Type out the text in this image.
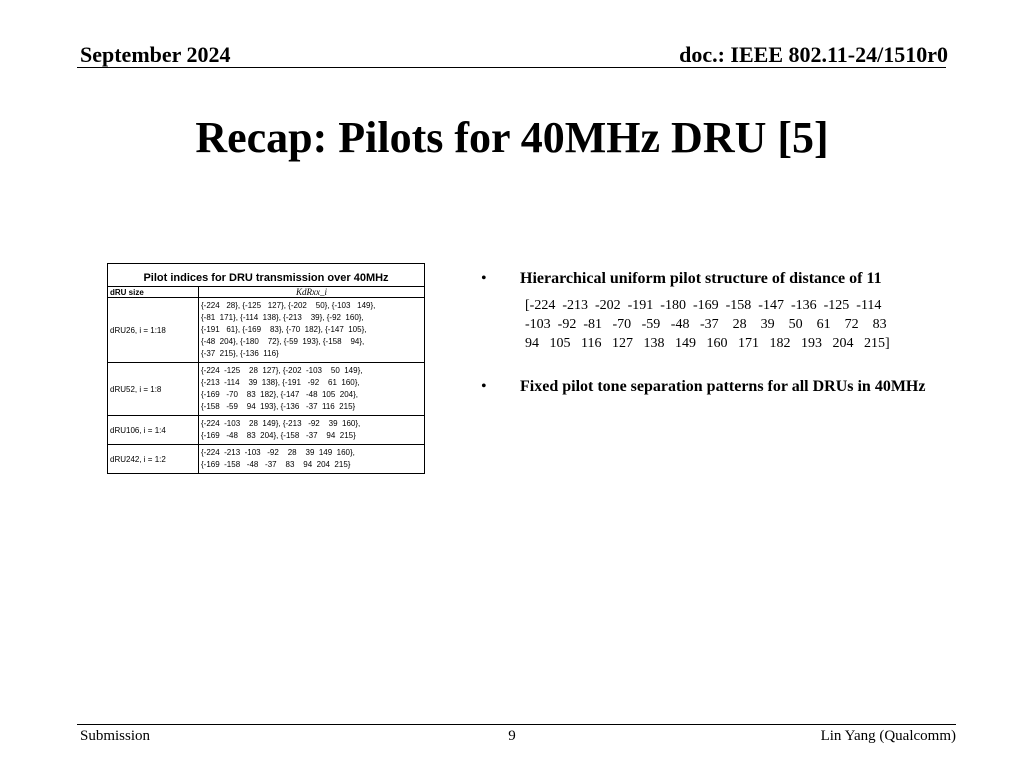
September 2024	doc.: IEEE 802.11-24/1510r0
Recap: Pilots for 40MHz DRU [5]
Pilot indices for DRU transmission over 40MHz	
dRU size	KdRxx_i
dRU26, i = 1:18	{-224   28}, {-125   127}, {-202    50}, {-103   149},
{-81  171}, {-114  138}, {-213    39}, {-92  160},
{-191   61}, {-169    83}, {-70  182}, {-147  105},
{-48  204}, {-180    72}, {-59  193}, {-158    94},
{-37  215}, {-136  116}

dRU52, i = 1:8	{-224  -125    28  127}, {-202  -103    50  149},
{-213  -114    39  138}, {-191   -92    61  160},
{-169   -70    83  182}, {-147   -48  105  204},
{-158   -59    94  193}, {-136   -37  116  215}

dRU106, i = 1:4	{-224  -103    28  149}, {-213   -92    39  160},
{-169   -48    83  204}, {-158   -37    94  215}

dRU242, i = 1:2	{-224  -213  -103   -92    28    39  149  160},
{-169  -158   -48   -37    83    94  204  215}
• Hierarchical uniform pilot structure of distance of 11
[-224  -213  -202  -191  -180  -169  -158  -147  -136  -125  -114
-103  -92  -81   -70   -59   -48   -37    28    39    50    61    72    83
94   105   116   127   138   149   160   171   182   193   204   215]
• Fixed pilot tone separation patterns for all DRUs in 40MHz
Submission	9	Lin Yang (Qualcomm)
